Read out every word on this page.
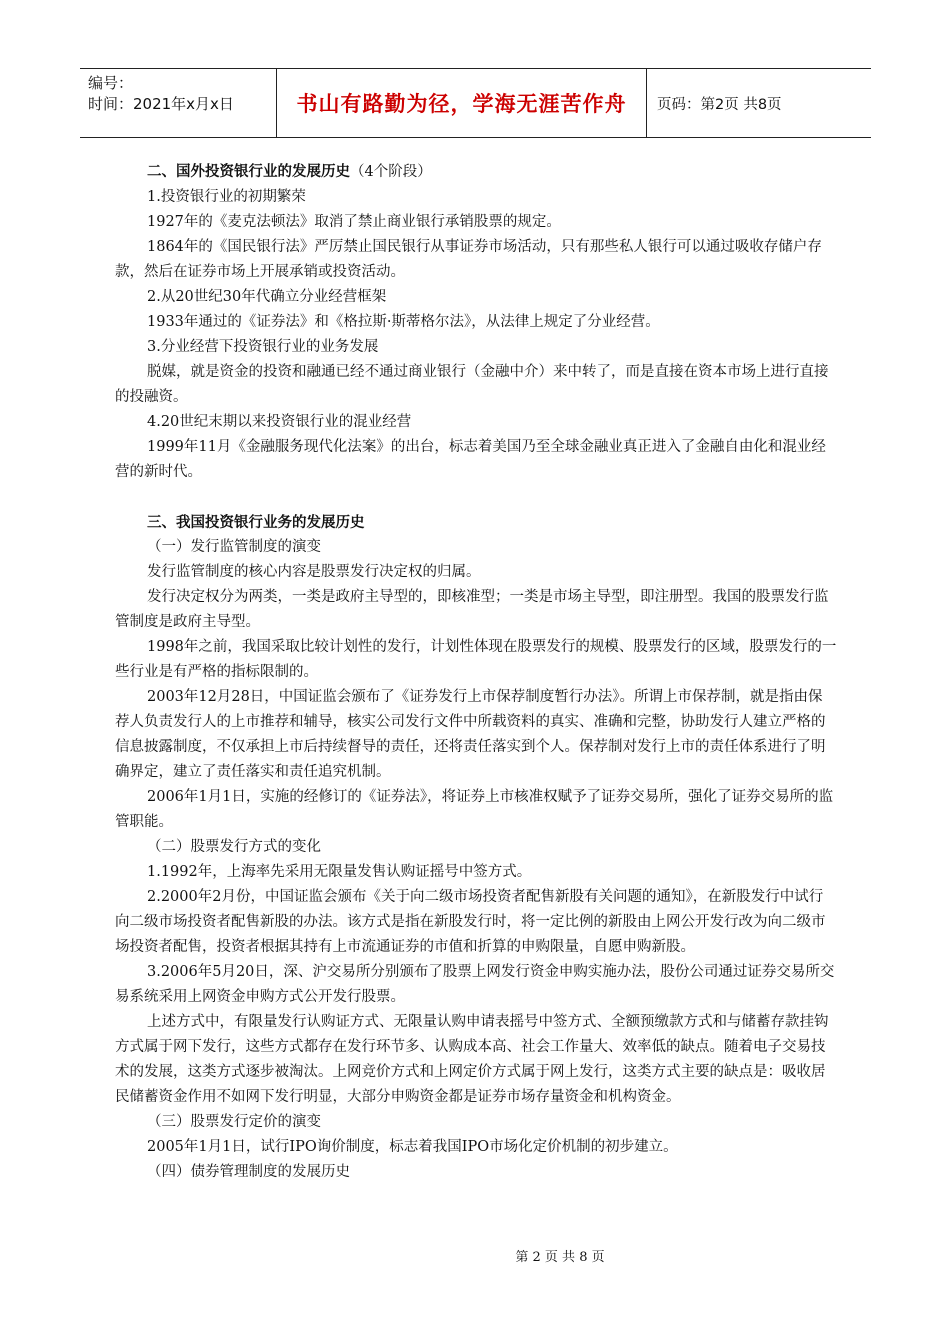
编号：
时间：2021年x月x日	书山有路勤为径，学海无涯苦作舟 页码：第2页 共8页

二、国外投资银行业的发展历史（4个阶段）

1.投资银行业的初期繁荣

1927年的《麦克法顿法》取消了禁止商业银行承销股票的规定。

1864年的《国民银行法》严厉禁止国民银行从事证券市场活动，只有那些私人银行可以通过吸收存储户存款，然后在证券市场上开展承销或投资活动。

2.从20世纪30年代确立分业经营框架

1933年通过的《证券法》和《格拉斯·斯蒂格尔法》，从法律上规定了分业经营。

3.分业经营下投资银行业的业务发展

脱媒，就是资金的投资和融通已经不通过商业银行（金融中介）来中转了，而是直接在资本市场上进行直接的投融资。

4.20世纪末期以来投资银行业的混业经营

1999年11月《金融服务现代化法案》的出台，标志着美国乃至全球金融业真正进入了金融自由化和混业经营的新时代。

三、我国投资银行业务的发展历史

（一）发行监管制度的演变

发行监管制度的核心内容是股票发行决定权的归属。

发行决定权分为两类，一类是政府主导型的，即核准型；一类是市场主导型，即注册型。我国的股票发行监管制度是政府主导型。

1998年之前，我国采取比较计划性的发行，计划性体现在股票发行的规模、股票发行的区域，股票发行的一些行业是有严格的指标限制的。

2003年12月28日，中国证监会颁布了《证券发行上市保荐制度暂行办法》。所谓上市保荐制，就是指由保荐人负责发行人的上市推荐和辅导，核实公司发行文件中所载资料的真实、准确和完整，协助发行人建立严格的信息披露制度，不仅承担上市后持续督导的责任，还将责任落实到个人。保荐制对发行上市的责任体系进行了明确界定，建立了责任落实和责任追究机制。

2006年1月1日，实施的经修订的《证券法》，将证券上市核准权赋予了证券交易所，强化了证券交易所的监管职能。

（二）股票发行方式的变化

1.1992年，上海率先采用无限量发售认购证摇号中签方式。

2.2000年2月份，中国证监会颁布《关于向二级市场投资者配售新股有关问题的通知》，在新股发行中试行向二级市场投资者配售新股的办法。该方式是指在新股发行时，将一定比例的新股由上网公开发行改为向二级市场投资者配售，投资者根据其持有上市流通证券的市值和折算的申购限量，自愿申购新股。

3.2006年5月20日，深、沪交易所分别颁布了股票上网发行资金申购实施办法，股份公司通过证券交易所交易系统采用上网资金申购方式公开发行股票。

上述方式中，有限量发行认购证方式、无限量认购申请表摇号中签方式、全额预缴款方式和与储蓄存款挂钩方式属于网下发行，这些方式都存在发行环节多、认购成本高、社会工作量大、效率低的缺点。随着电子交易技术的发展，这类方式逐步被淘汰。上网竞价方式和上网定价方式属于网上发行，这类方式主要的缺点是：吸收居民储蓄资金作用不如网下发行明显，大部分申购资金都是证券市场存量资金和机构资金。

（三）股票发行定价的演变

2005年1月1日，试行IPO询价制度，标志着我国IPO市场化定价机制的初步建立。

（四）债券管理制度的发展历史

第 2 页 共 8 页
